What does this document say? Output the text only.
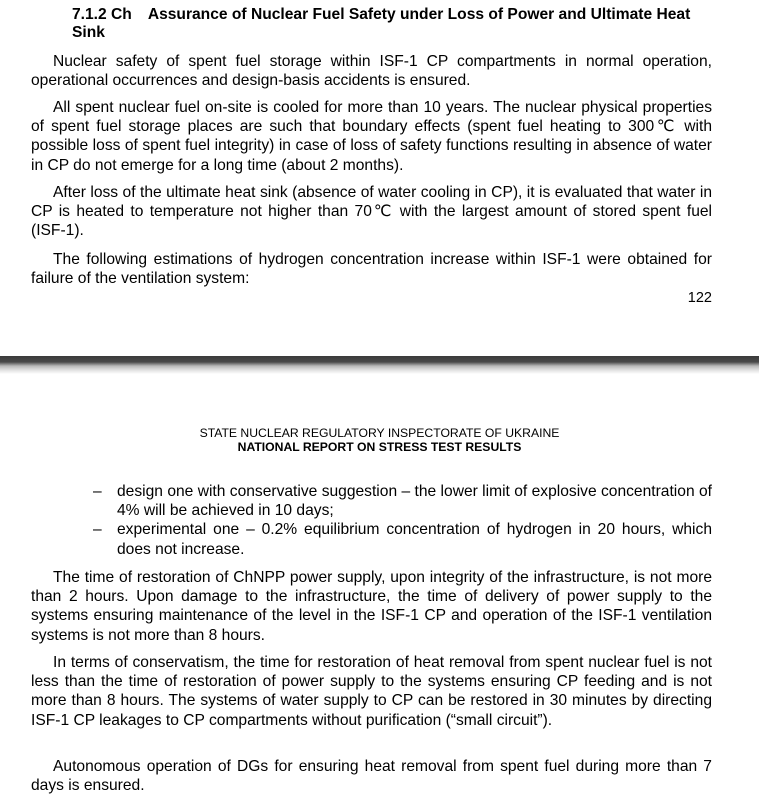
7.1.2 Ch Assurance of Nuclear Fuel Safety under Loss of Power and Ultimate Heat Sink

Nuclear safety of spent fuel storage within ISF-1 CP compartments in normal operation, operational occurrences and design-basis accidents is ensured.

All spent nuclear fuel on-site is cooled for more than 10 years. The nuclear physical properties of spent fuel storage places are such that boundary effects (spent fuel heating to 300℃ with possible loss of spent fuel integrity) in case of loss of safety functions resulting in absence of water in CP do not emerge for a long time (about 2 months).

After loss of the ultimate heat sink (absence of water cooling in CP), it is evaluated that water in CP is heated to temperature not higher than 70℃ with the largest amount of stored spent fuel (ISF-1).

The following estimations of hydrogen concentration increase within ISF-1 were obtained for failure of the ventilation system:

122
STATE NUCLEAR REGULATORY INSPECTORATE OF UKRAINE
NATIONAL REPORT ON STRESS TEST RESULTS
– design one with conservative suggestion – the lower limit of explosive concentration of 4% will be achieved in 10 days;
– experimental one – 0.2% equilibrium concentration of hydrogen in 20 hours, which does not increase.

The time of restoration of ChNPP power supply, upon integrity of the infrastructure, is not more than 2 hours. Upon damage to the infrastructure, the time of delivery of power supply to the systems ensuring maintenance of the level in the ISF-1 CP and operation of the ISF-1 ventilation systems is not more than 8 hours.

In terms of conservatism, the time for restoration of heat removal from spent nuclear fuel is not less than the time of restoration of power supply to the systems ensuring CP feeding and is not more than 8 hours. The systems of water supply to CP can be restored in 30 minutes by directing ISF-1 CP leakages to CP compartments without purification (“small circuit”).

Autonomous operation of DGs for ensuring heat removal from spent fuel during more than 7 days is ensured.
